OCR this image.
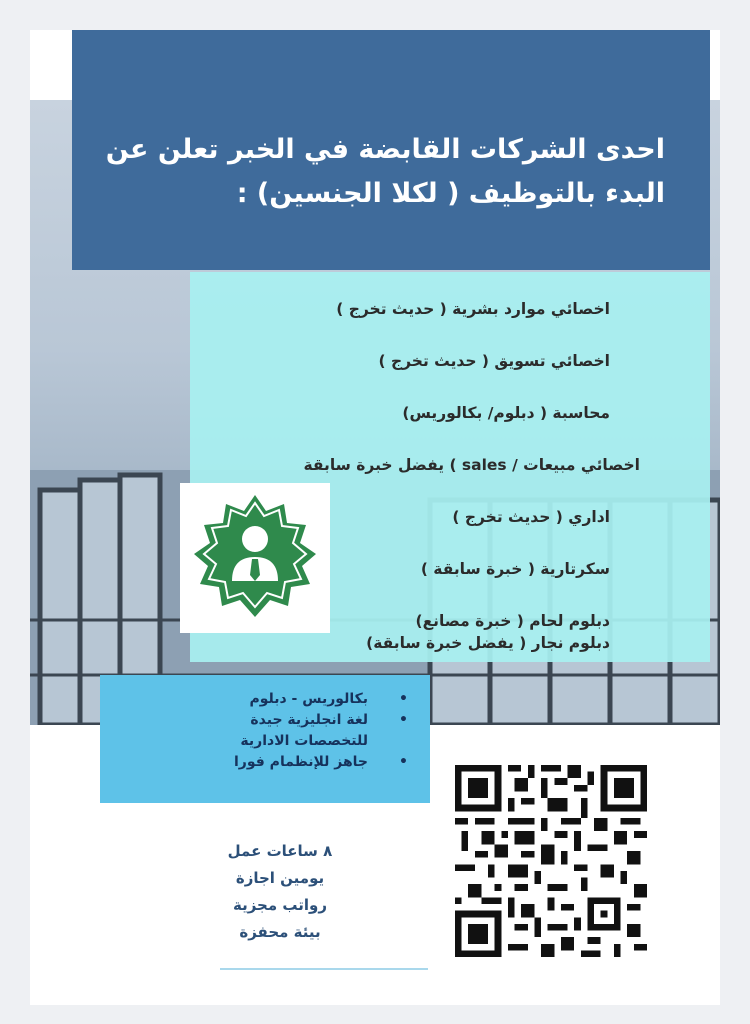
احدى الشركات القابضة في الخبر تعلن عن البدء بالتوظيف ( لكلا الجنسين) :
اخصائي موارد بشرية ( حديث تخرج )
اخصائي تسويق ( حديث تخرج )
محاسبة ( دبلوم/ بكالوريس)
اخصائي مبيعات / sales ) يفضل خبرة سابقة
اداري ( حديث تخرج )
سكرتارية ( خبرة سابقة )
دبلوم لحام ( خبرة مصانع)
دبلوم نجار ( يفضل خبرة سابقة)
•
بكالوريس - دبلوم
•
لغة انجليزية جيدة
للتخصصات الادارية
•
جاهز للإنظمام فورا
٨ ساعات عمل
يومين اجازة
رواتب مجزية
بيئة محفزة
